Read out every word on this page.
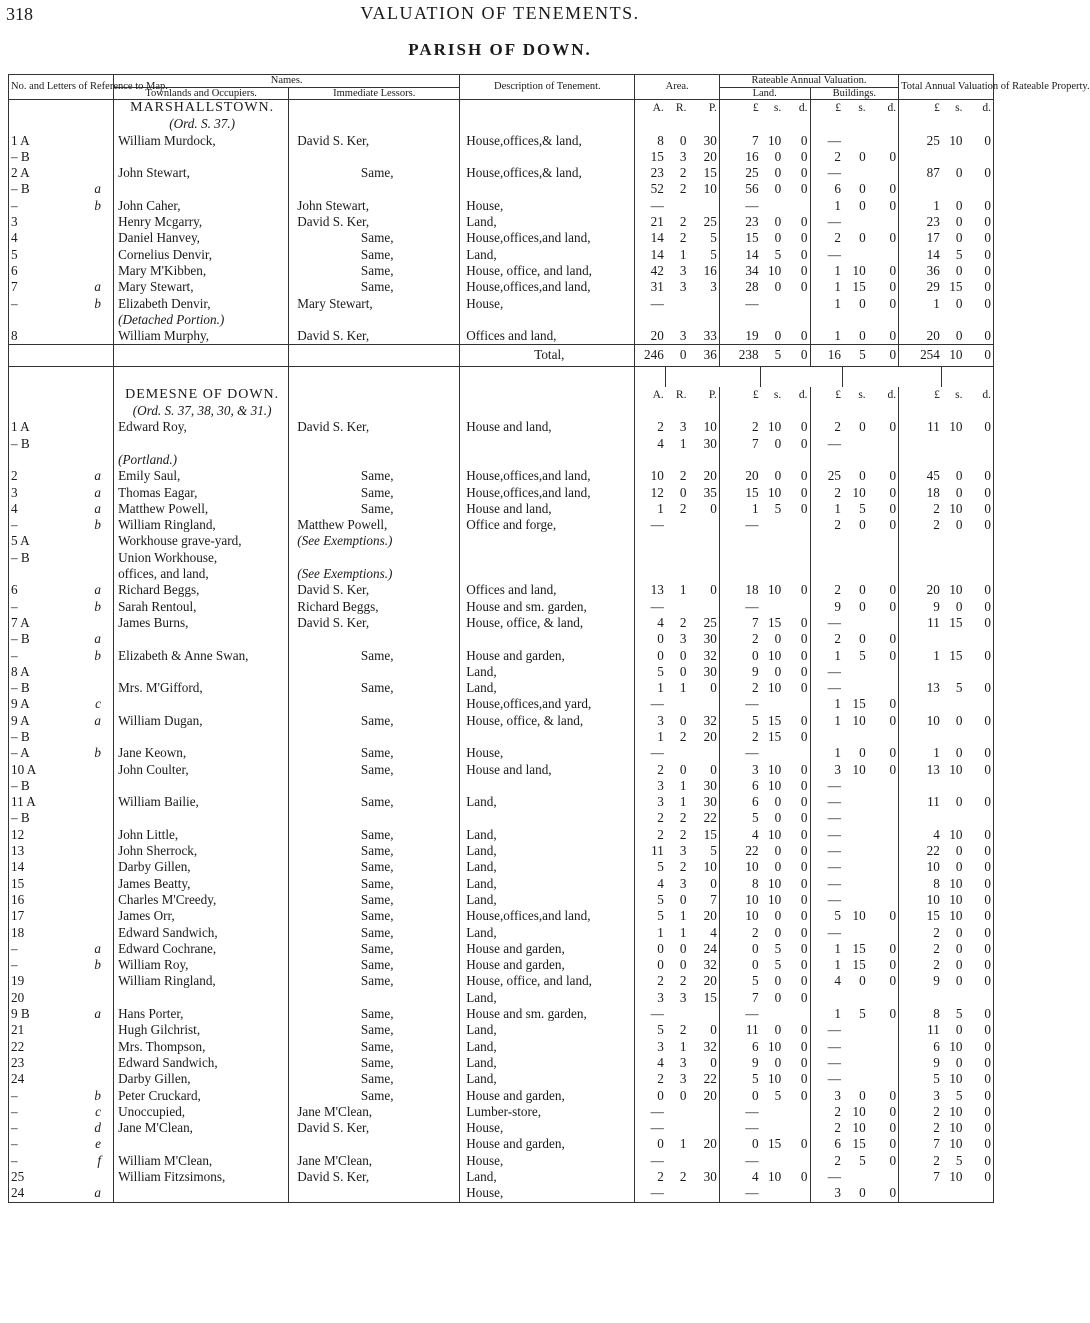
318	VALUATION OF TENEMENTS.
PARISH OF DOWN.
No. and Letters of Reference to Map.	Names.		Description of Tenement.	Area.			Rateable Annual Valuation.						Total Annual Valuation of Rateable Property.		
	Townlands and Occupiers.	Immediate Lessors.					Land.			Buildings.					
	MARSHALLSTOWN.			A.	R.	P.	£	s.	d.	£	s.	d.	£	s.	d.
	(Ord. S. 37.)														
1 A	William Murdock,	David S. Ker,	House,offices,& land,	8	0	30	7	10	0	—			25	10	0
– B				15	3	20	16	0	0	2	0	0			
2 A	John Stewart,	Same,	House,offices,& land,	23	2	15	25	0	0	—			87	0	0
– B a				52	2	10	56	0	0	6	0	0			
– b	John Caher,	John Stewart,	House,	—			—			1	0	0	1	0	0
3	Henry Mcgarry,	David S. Ker,	Land,	21	2	25	23	0	0	—			23	0	0
4	Daniel Hanvey,	Same,	House,offices,and land,	14	2	5	15	0	0	2	0	0	17	0	0
5	Cornelius Denvir,	Same,	Land,	14	1	5	14	5	0	—			14	5	0
6	Mary M'Kibben,	Same,	House, office, and land,	42	3	16	34	10	0	1	10	0	36	0	0
7 a	Mary Stewart,	Same,	House,offices,and land,	31	3	3	28	0	0	1	15	0	29	15	0
– b	Elizabeth Denvir,	Mary Stewart,	House,	—			—			1	0	0	1	0	0
	(Detached Portion.)														
8	William Murphy,	David S. Ker,	Offices and land,	20	3	33	19	0	0	1	0	0	20	0	0
			Total,	246	0	36	238	5	0	16	5	0	254	10	0

	DEMESNE OF DOWN.			A.	R.	P.	£	s.	d.	£	s.	d.	£	s.	d.
	(Ord. S. 37, 38, 30, & 31.)														
1 A	Edward Roy,	David S. Ker,	House and land,	2	3	10	2	10	0	2	0	0	11	10	0
– B				4	1	30	7	0	0	—					
	(Portland.)														
2 a	Emily Saul,	Same,	House,offices,and land,	10	2	20	20	0	0	25	0	0	45	0	0
3 a	Thomas Eagar,	Same,	House,offices,and land,	12	0	35	15	10	0	2	10	0	18	0	0
4 a	Matthew Powell,	Same,	House and land,	1	2	0	1	5	0	1	5	0	2	10	0
– b	William Ringland,	Matthew Powell,	Office and forge,	—			—			2	0	0	2	0	0
5 A	Workhouse grave-yard,	(See Exemptions.)													
– B	Union Workhouse,														
	offices, and land,	(See Exemptions.)													
6 a	Richard Beggs,	David S. Ker,	Offices and land,	13	1	0	18	10	0	2	0	0	20	10	0
– b	Sarah Rentoul,	Richard Beggs,	House and sm. garden,	—			—			9	0	0	9	0	0
7 A	James Burns,	David S. Ker,	House, office, & land,	4	2	25	7	15	0	—			11	15	0
– B a				0	3	30	2	0	0	2	0	0			
– b	Elizabeth & Anne Swan,	Same,	House and garden,	0	0	32	0	10	0	1	5	0	1	15	0
8 A			Land,	5	0	30	9	0	0	—					
– B	Mrs. M'Gifford,	Same,	Land,	1	1	0	2	10	0	—			13	5	0
9 A c			House,offices,and yard,	—			—			1	15	0			
9 A a	William Dugan,	Same,	House, office, & land,	3	0	32	5	15	0	1	10	0	10	0	0
– B				1	2	20	2	15	0						
– A b	Jane Keown,	Same,	House,	—			—			1	0	0	1	0	0
10 A	John Coulter,	Same,	House and land,	2	0	0	3	10	0	3	10	0	13	10	0
– B				3	1	30	6	10	0	—					
11 A	William Bailie,	Same,	Land,	3	1	30	6	0	0	—			11	0	0
– B				2	2	22	5	0	0	—					
12	John Little,	Same,	Land,	2	2	15	4	10	0	—			4	10	0
13	John Sherrock,	Same,	Land,	11	3	5	22	0	0	—			22	0	0
14	Darby Gillen,	Same,	Land,	5	2	10	10	0	0	—			10	0	0
15	James Beatty,	Same,	Land,	4	3	0	8	10	0	—			8	10	0
16	Charles M'Creedy,	Same,	Land,	5	0	7	10	10	0	—			10	10	0
17	James Orr,	Same,	House,offices,and land,	5	1	20	10	0	0	5	10	0	15	10	0
18	Edward Sandwich,	Same,	Land,	1	1	4	2	0	0	—			2	0	0
– a	Edward Cochrane,	Same,	House and garden,	0	0	24	0	5	0	1	15	0	2	0	0
– b	William Roy,	Same,	House and garden,	0	0	32	0	5	0	1	15	0	2	0	0
19	William Ringland,	Same,	House, office, and land,	2	2	20	5	0	0	4	0	0	9	0	0
20			Land,	3	3	15	7	0	0						
9 B a	Hans Porter,	Same,	House and sm. garden,	—			—			1	5	0	8	5	0
21	Hugh Gilchrist,	Same,	Land,	5	2	0	11	0	0	—			11	0	0
22	Mrs. Thompson,	Same,	Land,	3	1	32	6	10	0	—			6	10	0
23	Edward Sandwich,	Same,	Land,	4	3	0	9	0	0	—			9	0	0
24	Darby Gillen,	Same,	Land,	2	3	22	5	10	0	—			5	10	0
– b	Peter Cruckard,	Same,	House and garden,	0	0	20	0	5	0	3	0	0	3	5	0
– c	Unoccupied,	Jane M'Clean,	Lumber-store,	—			—			2	10	0	2	10	0
– d	Jane M'Clean,	David S. Ker,	House,	—			—			2	10	0	2	10	0
– e			House and garden,	0	1	20	0	15	0	6	15	0	7	10	0
– f	William M'Clean,	Jane M'Clean,	House,	—			—			2	5	0	2	5	0
25	William Fitzsimons,	David S. Ker,	Land,	2	2	30	4	10	0	—			7	10	0
24 a			House,	—			—			3	0	0			
